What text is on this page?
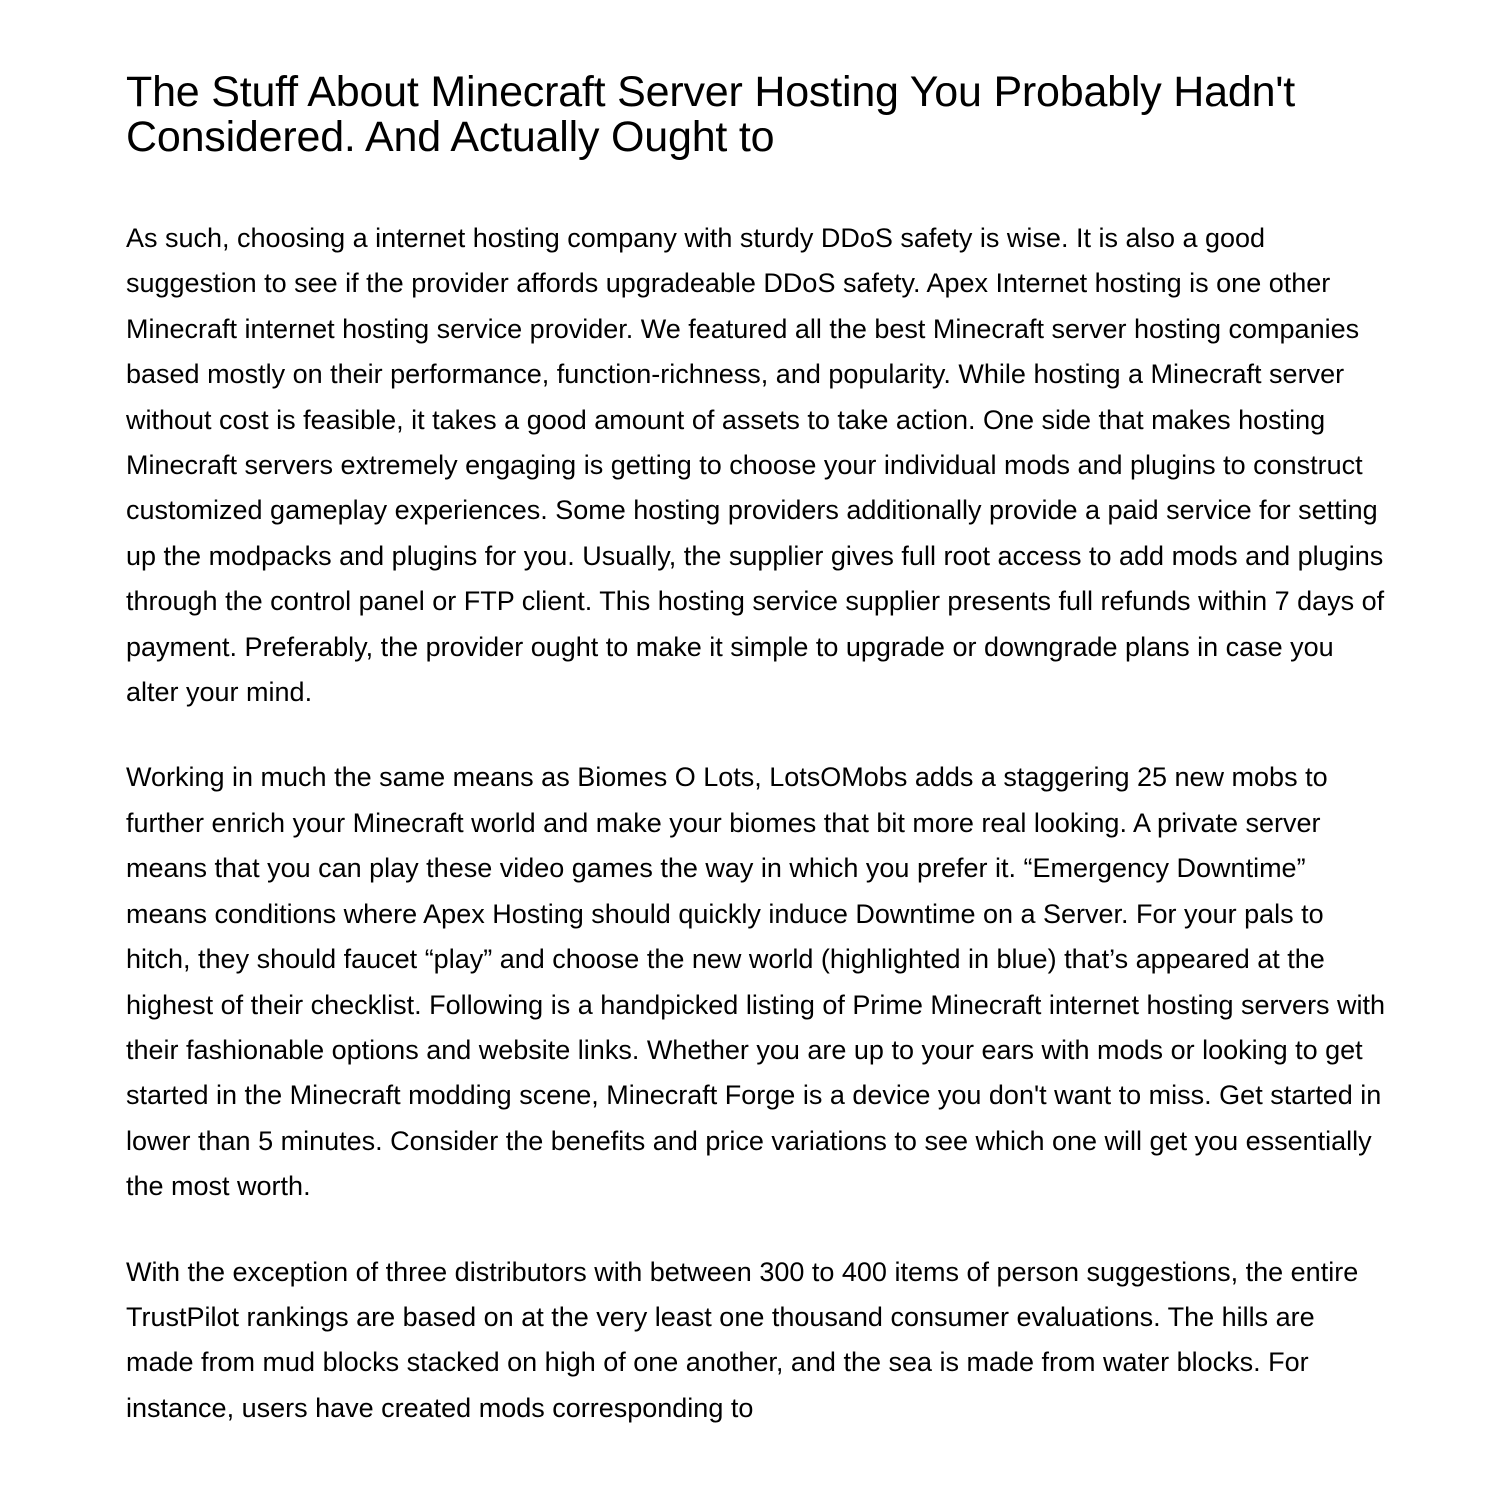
The Stuff About Minecraft Server Hosting You Probably Hadn't Considered. And Actually Ought to

As such, choosing a internet hosting company with sturdy DDoS safety is wise. It is also a good suggestion to see if the provider affords upgradeable DDoS safety. Apex Internet hosting is one other Minecraft internet hosting service provider. We featured all the best Minecraft server hosting companies based mostly on their performance, function-richness, and popularity. While hosting a Minecraft server without cost is feasible, it takes a good amount of assets to take action. One side that makes hosting Minecraft servers extremely engaging is getting to choose your individual mods and plugins to construct customized gameplay experiences. Some hosting providers additionally provide a paid service for setting up the modpacks and plugins for you. Usually, the supplier gives full root access to add mods and plugins through the control panel or FTP client. This hosting service supplier presents full refunds within 7 days of payment. Preferably, the provider ought to make it simple to upgrade or downgrade plans in case you alter your mind.

Working in much the same means as Biomes O Lots, LotsOMobs adds a staggering 25 new mobs to further enrich your Minecraft world and make your biomes that bit more real looking. A private server means that you can play these video games the way in which you prefer it. “Emergency Downtime” means conditions where Apex Hosting should quickly induce Downtime on a Server. For your pals to hitch, they should faucet “play” and choose the new world (highlighted in blue) that’s appeared at the highest of their checklist. Following is a handpicked listing of Prime Minecraft internet hosting servers with their fashionable options and website links. Whether you are up to your ears with mods or looking to get started in the Minecraft modding scene, Minecraft Forge is a device you don't want to miss. Get started in lower than 5 minutes. Consider the benefits and price variations to see which one will get you essentially the most worth.

With the exception of three distributors with between 300 to 400 items of person suggestions, the entire TrustPilot rankings are based on at the very least one thousand consumer evaluations. The hills are made from mud blocks stacked on high of one another, and the sea is made from water blocks. For instance, users have created mods corresponding to
